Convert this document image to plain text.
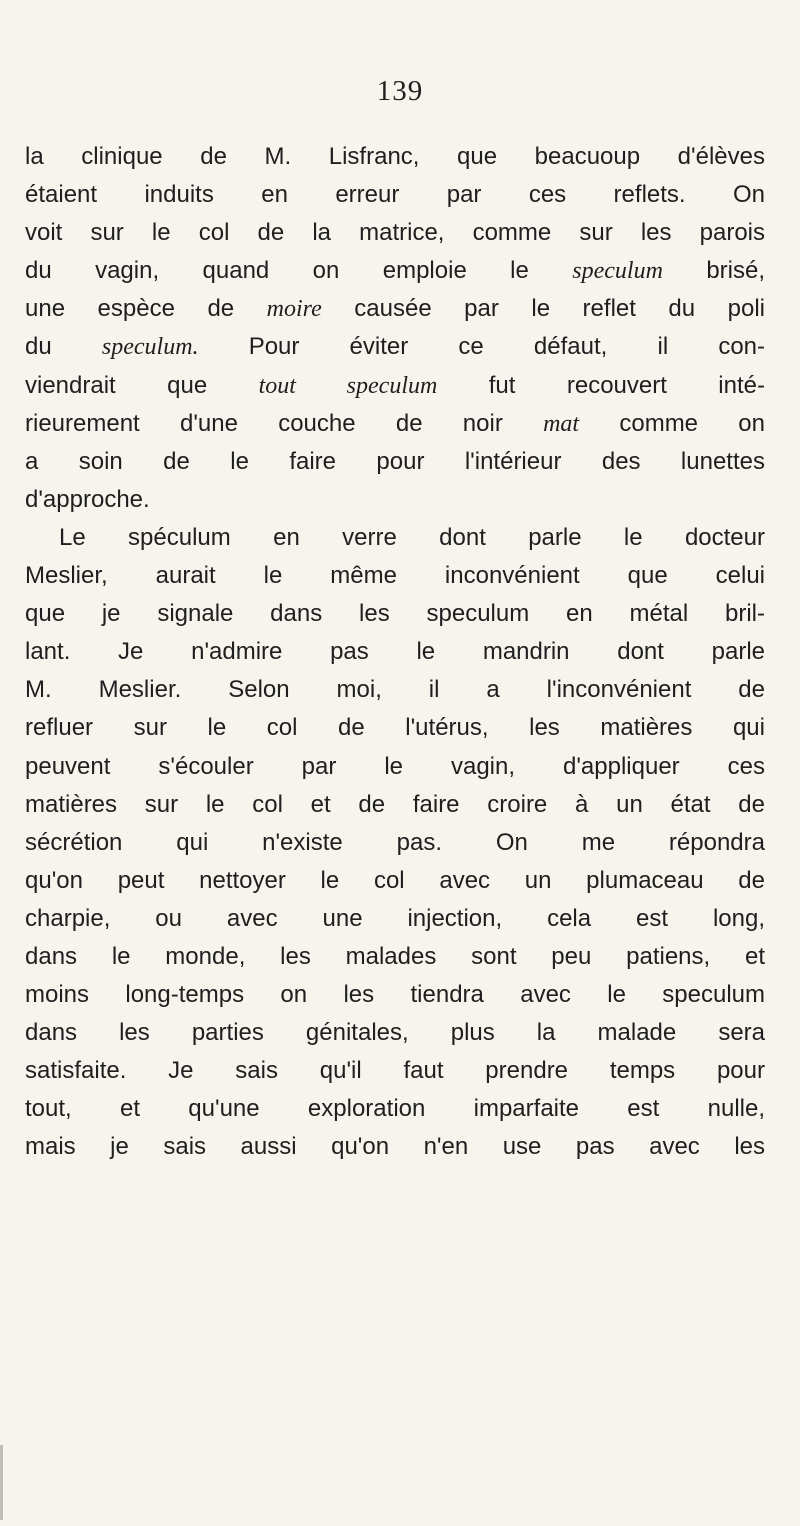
139
la clinique de M. Lisfranc, que beacuoup d'élèves
étaient induits en erreur par ces reflets. On
voit sur le col de la matrice, comme sur les parois
du vagin, quand on emploie le speculum brisé,
une espèce de moire causée par le reflet du poli
du speculum. Pour éviter ce défaut, il con-
viendrait que tout speculum fut recouvert inté-
rieurement d'une couche de noir mat comme on
a soin de le faire pour l'intérieur des lunettes
d'approche.
Le spéculum en verre dont parle le docteur
Meslier, aurait le même inconvénient que celui
que je signale dans les speculum en métal bril-
lant. Je n'admire pas le mandrin dont parle
M. Meslier. Selon moi, il a l'inconvénient de
refluer sur le col de l'utérus, les matières qui
peuvent s'écouler par le vagin, d'appliquer ces
matières sur le col et de faire croire à un état de
sécrétion qui n'existe pas. On me répondra
qu'on peut nettoyer le col avec un plumaceau de
charpie, ou avec une injection, cela est long,
dans le monde, les malades sont peu patiens, et
moins long-temps on les tiendra avec le speculum
dans les parties génitales, plus la malade sera
satisfaite. Je sais qu'il faut prendre temps pour
tout, et qu'une exploration imparfaite est nulle,
mais je sais aussi qu'on n'en use pas avec les
